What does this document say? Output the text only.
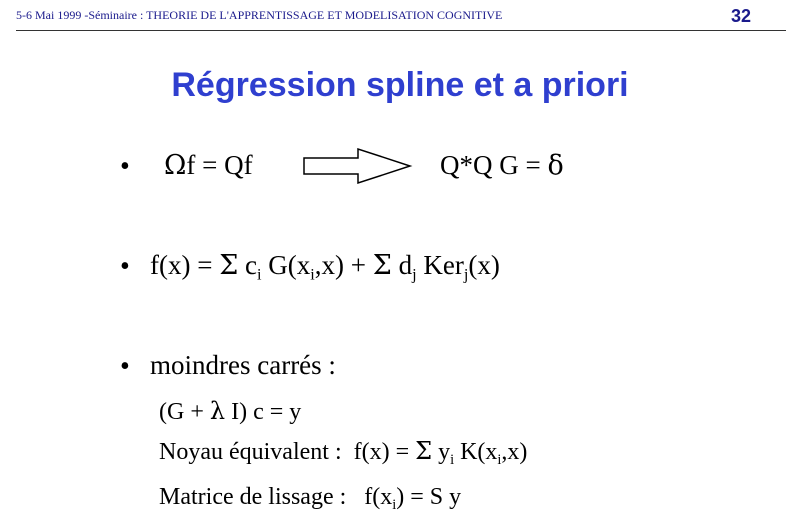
5-6 Mai 1999 -Séminaire : THEORIE DE L'APPRENTISSAGE ET MODELISATION COGNITIVE	32
Régression spline et a priori
• Ωf = Qf	Q*Q G = δ
• f(x) = Σ $c_i$ $G(x_i,x) + \Sigma$ $d_j$ Ker$_j$(x)
• moindres carrés :
(G + λ I) c = y
Noyau équivalent :  f(x) = Σ $y_i$ $K(x_i,x)$
Matrice de lissage :   $f(x_i) = S$ y
